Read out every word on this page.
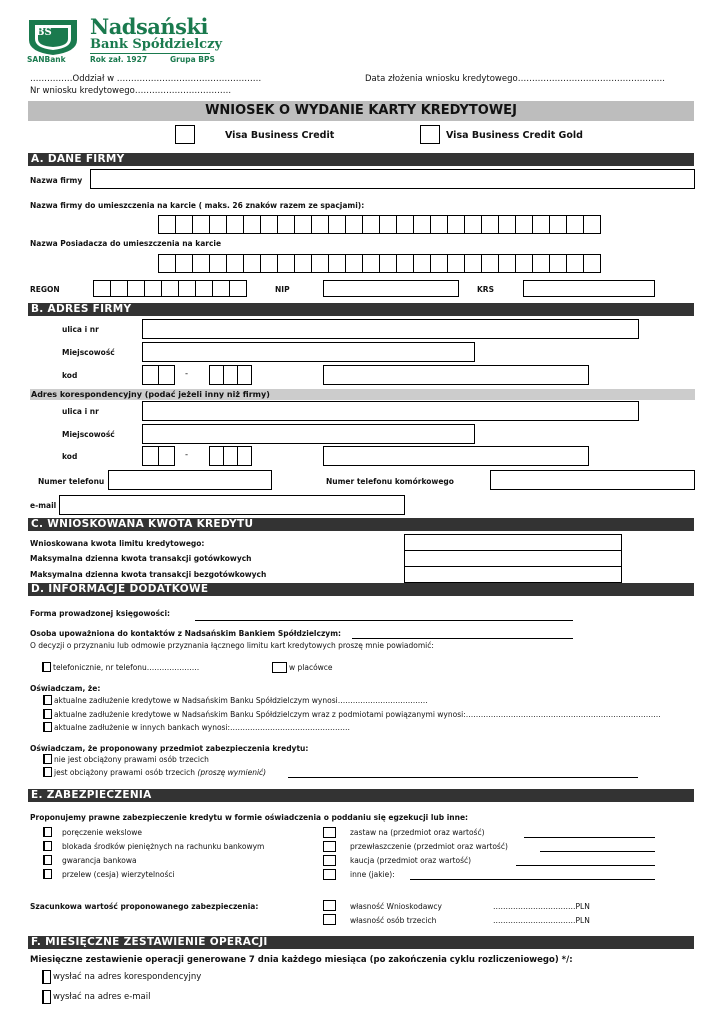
BS
SANBank
Nadsański
Bank Spółdzielczy
Rok zał. 1927	Grupa BPS
……………Oddział w ……………………………………………	Data złożenia wniosku kredytowego…………………………………………….
Nr wniosku kredytowego…………………………….
WNIOSEK O WYDANIE KARTY KREDYTOWEJ
Visa Business Credit	Visa Business Credit Gold
A. DANE FIRMY
Nazwa firmy
Nazwa firmy do umieszczenia na karcie ( maks. 26 znaków razem ze spacjami):
Nazwa Posiadacza do umieszczenia na karcie
REGON	NIP	KRS
B. ADRES FIRMY
ulica i nr
Miejscowość
kod	-
Adres korespondencyjny (podać jeżeli inny niż firmy)
ulica i nr
Miejscowość
kod	-
Numer telefonu	Numer telefonu komórkowego
e-mail
C. WNIOSKOWANA KWOTA KREDYTU
Wnioskowana kwota limitu kredytowego:
Maksymalna dzienna kwota transakcji gotówkowych
Maksymalna dzienna kwota transakcji bezgotówkowych
D. INFORMACJE DODATKOWE
Forma prowadzonej księgowości:
Osoba upoważniona do kontaktów z Nadsańskim Bankiem Spółdzielczym:
O decyzji o przyznaniu lub odmowie przyznania łącznego limitu kart kredytowych proszę mnie powiadomić:
telefonicznie, nr telefonu…………………	w placówce
Oświadczam, że:
aktualne zadłużenie kredytowe w Nadsańskim Banku Spółdzielczym wynosi………………………………
aktualne zadłużenie kredytowe w Nadsańskim Banku Spółdzielczym wraz z podmiotami powiązanymi wynosi:……………………………………………………………………
aktualne zadłużenie w innych bankach wynosi:…………………………………………
Oświadczam, że proponowany przedmiot zabezpieczenia kredytu:
nie jest obciążony prawami osób trzecich
jest obciążony prawami osób trzecich (proszę wymienić)
E. ZABEZPIECZENIA
Proponujemy prawne zabezpieczenie kredytu w formie oświadczenia o poddaniu się egzekucji lub inne:
poręczenie wekslowe
blokada środków pieniężnych na rachunku bankowym
gwarancja bankowa
przelew (cesja) wierzytelności
zastaw na (przedmiot oraz wartość)
przewłaszczenie (przedmiot oraz wartość)
kaucja (przedmiot oraz wartość)
inne (jakie):
Szacunkowa wartość proponowanego zabezpieczenia:	własność Wnioskodawcy	……………………………PLN
własność osób trzecich	……………………………PLN
F. MIESIĘCZNE ZESTAWIENIE OPERACJI
Miesięczne zestawienie operacji generowane 7 dnia każdego miesiąca (po zakończenia cyklu rozliczeniowego) */:
wysłać na adres korespondencyjny
wysłać na adres e-mail
